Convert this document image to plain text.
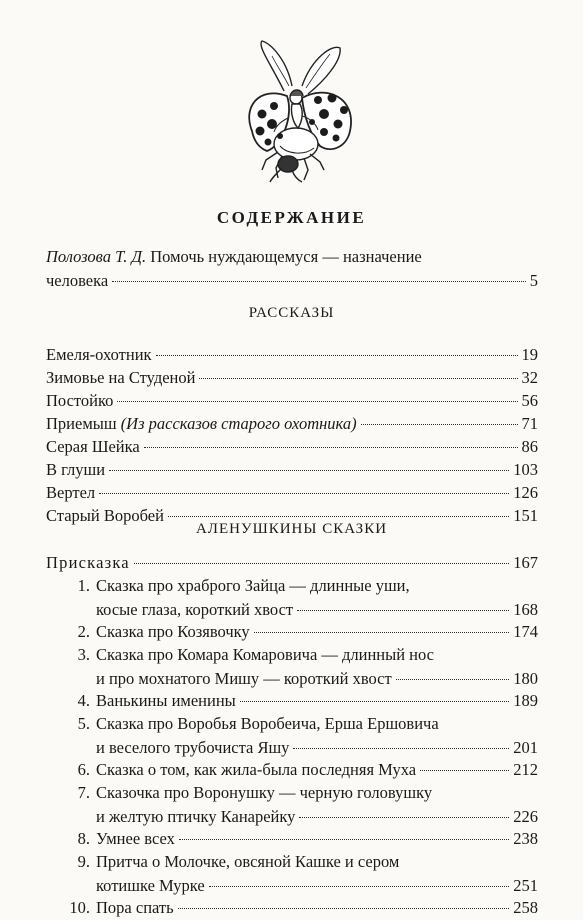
СОДЕРЖАНИЕ
Полозова Т. Д. Помочь нуждающемуся — назначение
человека	5
РАССКАЗЫ
Емеля-охотник	19
Зимовье на Студеной	32
Постойко	56
Приемыш (Из рассказов старого охотника)	71
Серая Шейка	86
В глуши	103
Вертел	126
Старый Воробей	151
АЛЕНУШКИНЫ СКАЗКИ
Присказка	167
1. Сказка про храброго Зайца — длинные уши,
косые глаза, короткий хвост	168
2. Сказка про Козявочку	174
3. Сказка про Комара Комаровича — длинный нос
и про мохнатого Мишу — короткий хвост	180
4. Ванькины именины	189
5. Сказка про Воробья Воробеича, Ерша Ершовича
и веселого трубочиста Яшу	201
6. Сказка о том, как жила-была последняя Муха	212
7. Сказочка про Воронушку — черную головушку
и желтую птичку Канарейку	226
8. Умнее всех	238
9. Притча о Молочке, овсяной Кашке и сером
котишке Мурке	251
10. Пора спать	258
